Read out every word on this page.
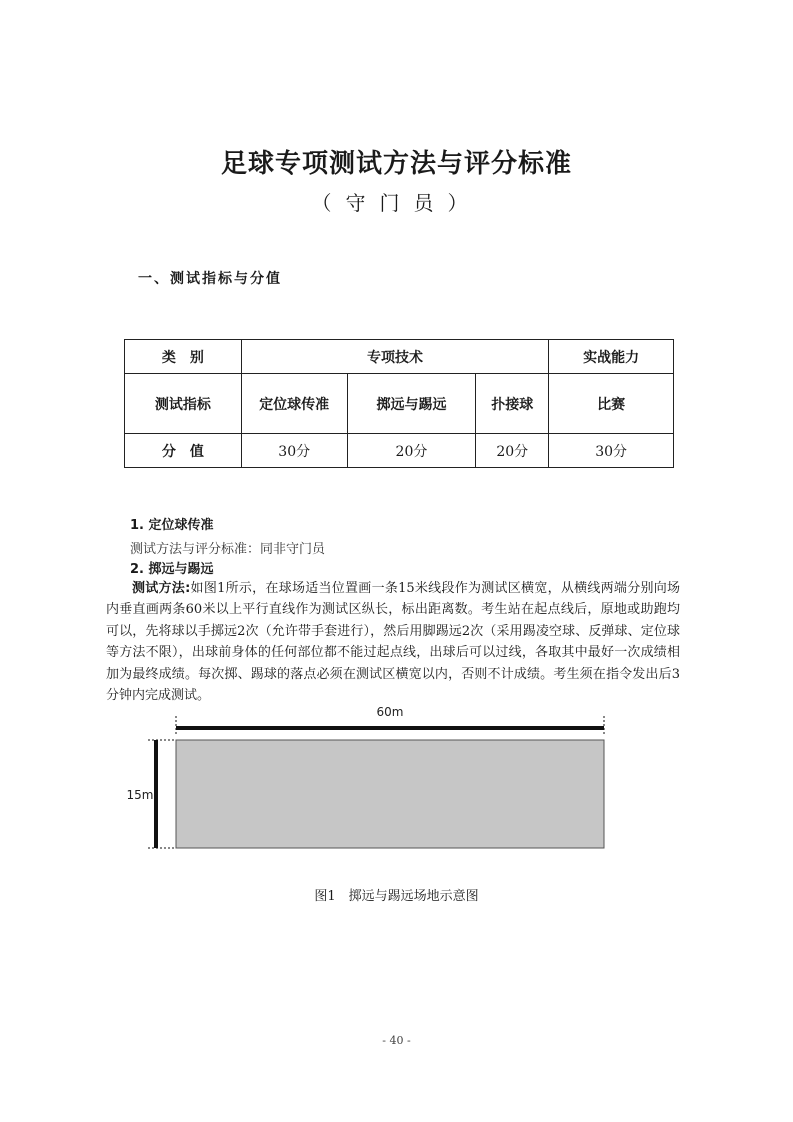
足球专项测试方法与评分标准
（守门员）
一、测试指标与分值
类　别	专项技术			实战能力
测试指标	定位球传准	掷远与踢远	扑接球	比赛
分　值	30分	20分	20分	30分
1. 定位球传准
测试方法与评分标准：同非守门员
2. 掷远与踢远
测试方法:如图1所示，在球场适当位置画一条15米线段作为测试区横宽，从横线两端分别向场内垂直画两条60米以上平行直线作为测试区纵长，标出距离数。考生站在起点线后，原地或助跑均可以，先将球以手掷远2次（允许带手套进行），然后用脚踢远2次（采用踢凌空球、反弹球、定位球等方法不限），出球前身体的任何部位都不能过起点线，出球后可以过线，各取其中最好一次成绩相加为最终成绩。每次掷、踢球的落点必须在测试区横宽以内，否则不计成绩。考生须在指令发出后3分钟内完成测试。
60m
15m
图1　掷远与踢远场地示意图
- 40 -
